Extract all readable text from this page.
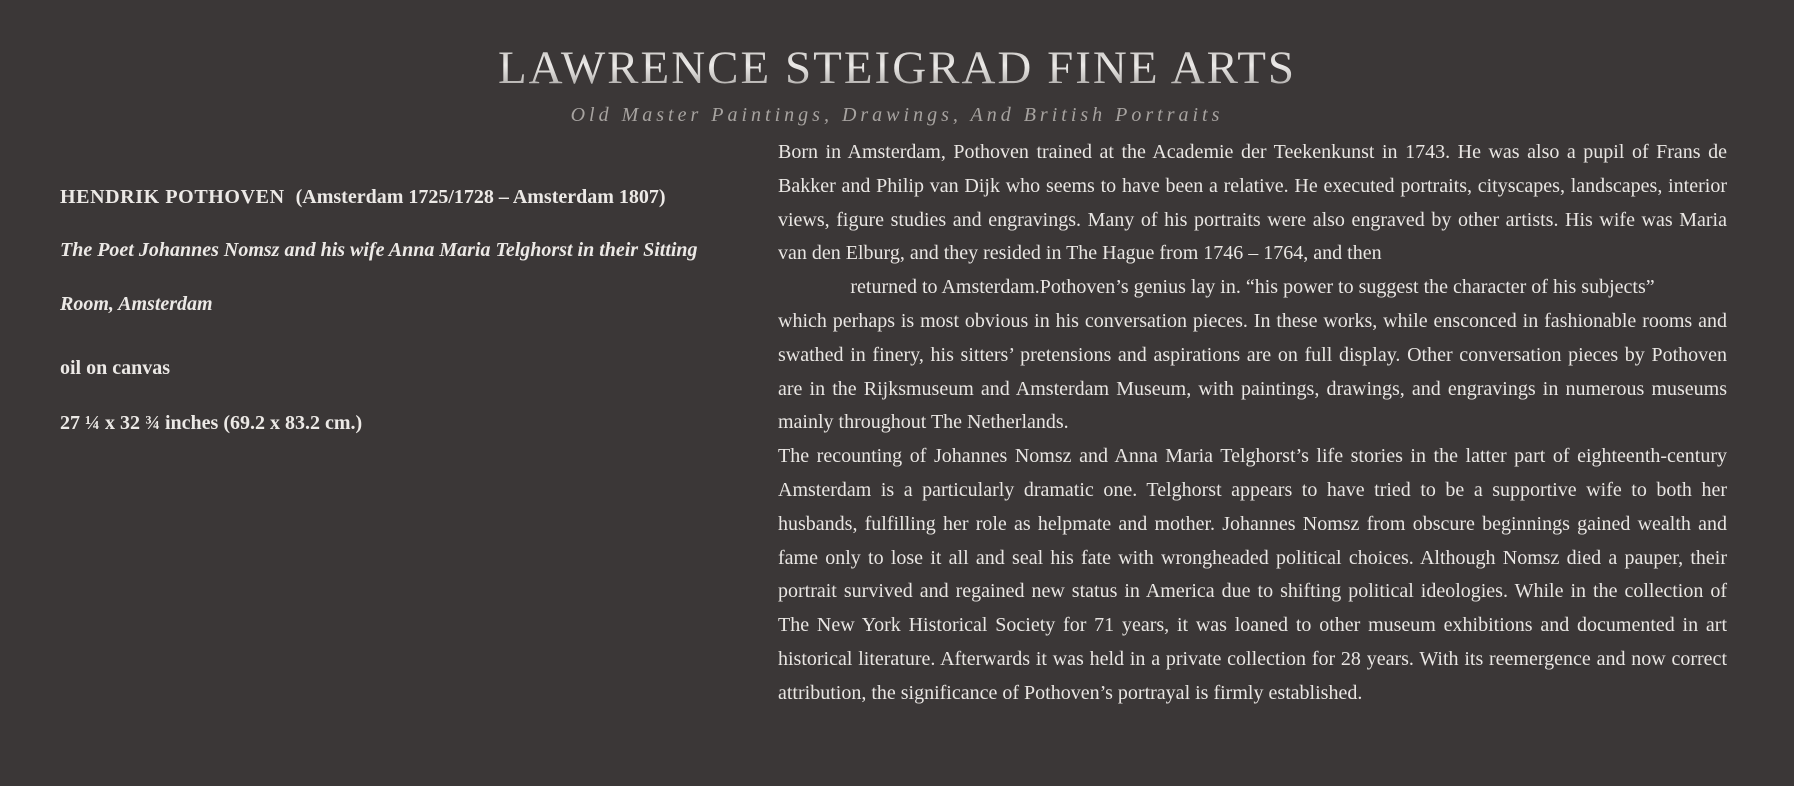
LAWRENCE STEIGRAD FINE ARTS
Old Master Paintings, Drawings, And British Portraits
HENDRIK POTHOVEN (Amsterdam 1725/1728 – Amsterdam 1807)
The Poet Johannes Nomsz and his wife Anna Maria Telghorst in their Sitting Room, Amsterdam
oil on canvas
27 ¼ x 32 ¾ inches (69.2 x 83.2 cm.)

Born in Amsterdam, Pothoven trained at the Academie der Teekenkunst in 1743. He was also a pupil of Frans de Bakker and Philip van Dijk who seems to have been a relative. He executed portraits, cityscapes, landscapes, interior views, figure studies and engravings. Many of his portraits were also engraved by other artists. His wife was Maria van den Elburg, and they resided in The Hague from 1746 – 1764, and then

returned to Amsterdam.Pothoven’s genius lay in. “his power to suggest the character of his subjects”

which perhaps is most obvious in his conversation pieces. In these works, while ensconced in fashionable rooms and swathed in finery, his sitters’ pretensions and aspirations are on full display. Other conversation pieces by Pothoven are in the Rijksmuseum and Amsterdam Museum, with paintings, drawings, and engravings in numerous museums mainly throughout The Netherlands.

The recounting of Johannes Nomsz and Anna Maria Telghorst’s life stories in the latter part of eighteenth-century Amsterdam is a particularly dramatic one. Telghorst appears to have tried to be a supportive wife to both her husbands, fulfilling her role as helpmate and mother. Johannes Nomsz from obscure beginnings gained wealth and fame only to lose it all and seal his fate with wrongheaded political choices. Although Nomsz died a pauper, their portrait survived and regained new status in America due to shifting political ideologies. While in the collection of The New York Historical Society for 71 years, it was loaned to other museum exhibitions and documented in art historical literature. Afterwards it was held in a private collection for 28 years. With its reemergence and now correct attribution, the significance of Pothoven’s portrayal is firmly established.
